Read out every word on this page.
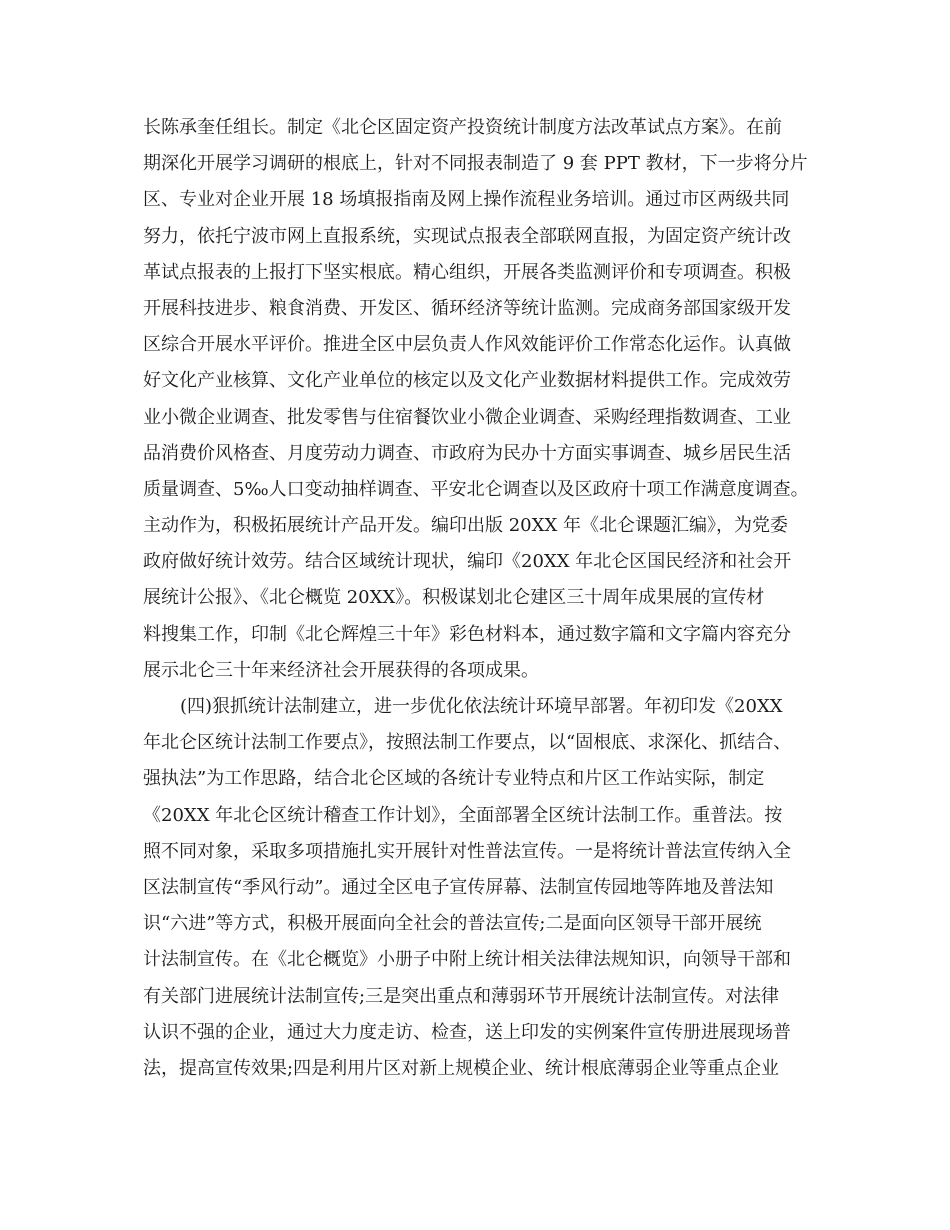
长陈承奎任组长。制定《北仑区固定资产投资统计制度方法改革试点方案》。在前
期深化开展学习调研的根底上，针对不同报表制造了 9 套 PPT 教材，下一步将分片
区、专业对企业开展 18 场填报指南及网上操作流程业务培训。通过市区两级共同
努力，依托宁波市网上直报系统，实现试点报表全部联网直报，为固定资产统计改
革试点报表的上报打下坚实根底。精心组织，开展各类监测评价和专项调查。积极
开展科技进步、粮食消费、开发区、循环经济等统计监测。完成商务部国家级开发
区综合开展水平评价。推进全区中层负责人作风效能评价工作常态化运作。认真做
好文化产业核算、文化产业单位的核定以及文化产业数据材料提供工作。完成效劳
业小微企业调查、批发零售与住宿餐饮业小微企业调查、采购经理指数调查、工业
品消费价风格查、月度劳动力调查、市政府为民办十方面实事调查、城乡居民生活
质量调查、5‰人口变动抽样调查、平安北仑调查以及区政府十项工作满意度调查。
主动作为，积极拓展统计产品开发。编印出版 20XX 年《北仑课题汇编》，为党委
政府做好统计效劳。结合区域统计现状，编印《20XX 年北仑区国民经济和社会开
展统计公报》、《北仑概览 20XX》。积极谋划北仑建区三十周年成果展的宣传材
料搜集工作，印制《北仑辉煌三十年》彩色材料本，通过数字篇和文字篇内容充分
展示北仑三十年来经济社会开展获得的各项成果。
(四)狠抓统计法制建立，进一步优化依法统计环境早部署。年初印发《20XX
年北仑区统计法制工作要点》，按照法制工作要点，以“固根底、求深化、抓结合、
强执法”为工作思路，结合北仑区域的各统计专业特点和片区工作站实际，制定
《20XX 年北仑区统计稽查工作计划》，全面部署全区统计法制工作。重普法。按
照不同对象，采取多项措施扎实开展针对性普法宣传。一是将统计普法宣传纳入全
区法制宣传“季风行动”。通过全区电子宣传屏幕、法制宣传园地等阵地及普法知
识“六进”等方式，积极开展面向全社会的普法宣传;二是面向区领导干部开展统
计法制宣传。在《北仑概览》小册子中附上统计相关法律法规知识，向领导干部和
有关部门进展统计法制宣传;三是突出重点和薄弱环节开展统计法制宣传。对法律
认识不强的企业，通过大力度走访、检查，送上印发的实例案件宣传册进展现场普
法，提高宣传效果;四是利用片区对新上规模企业、统计根底薄弱企业等重点企业
